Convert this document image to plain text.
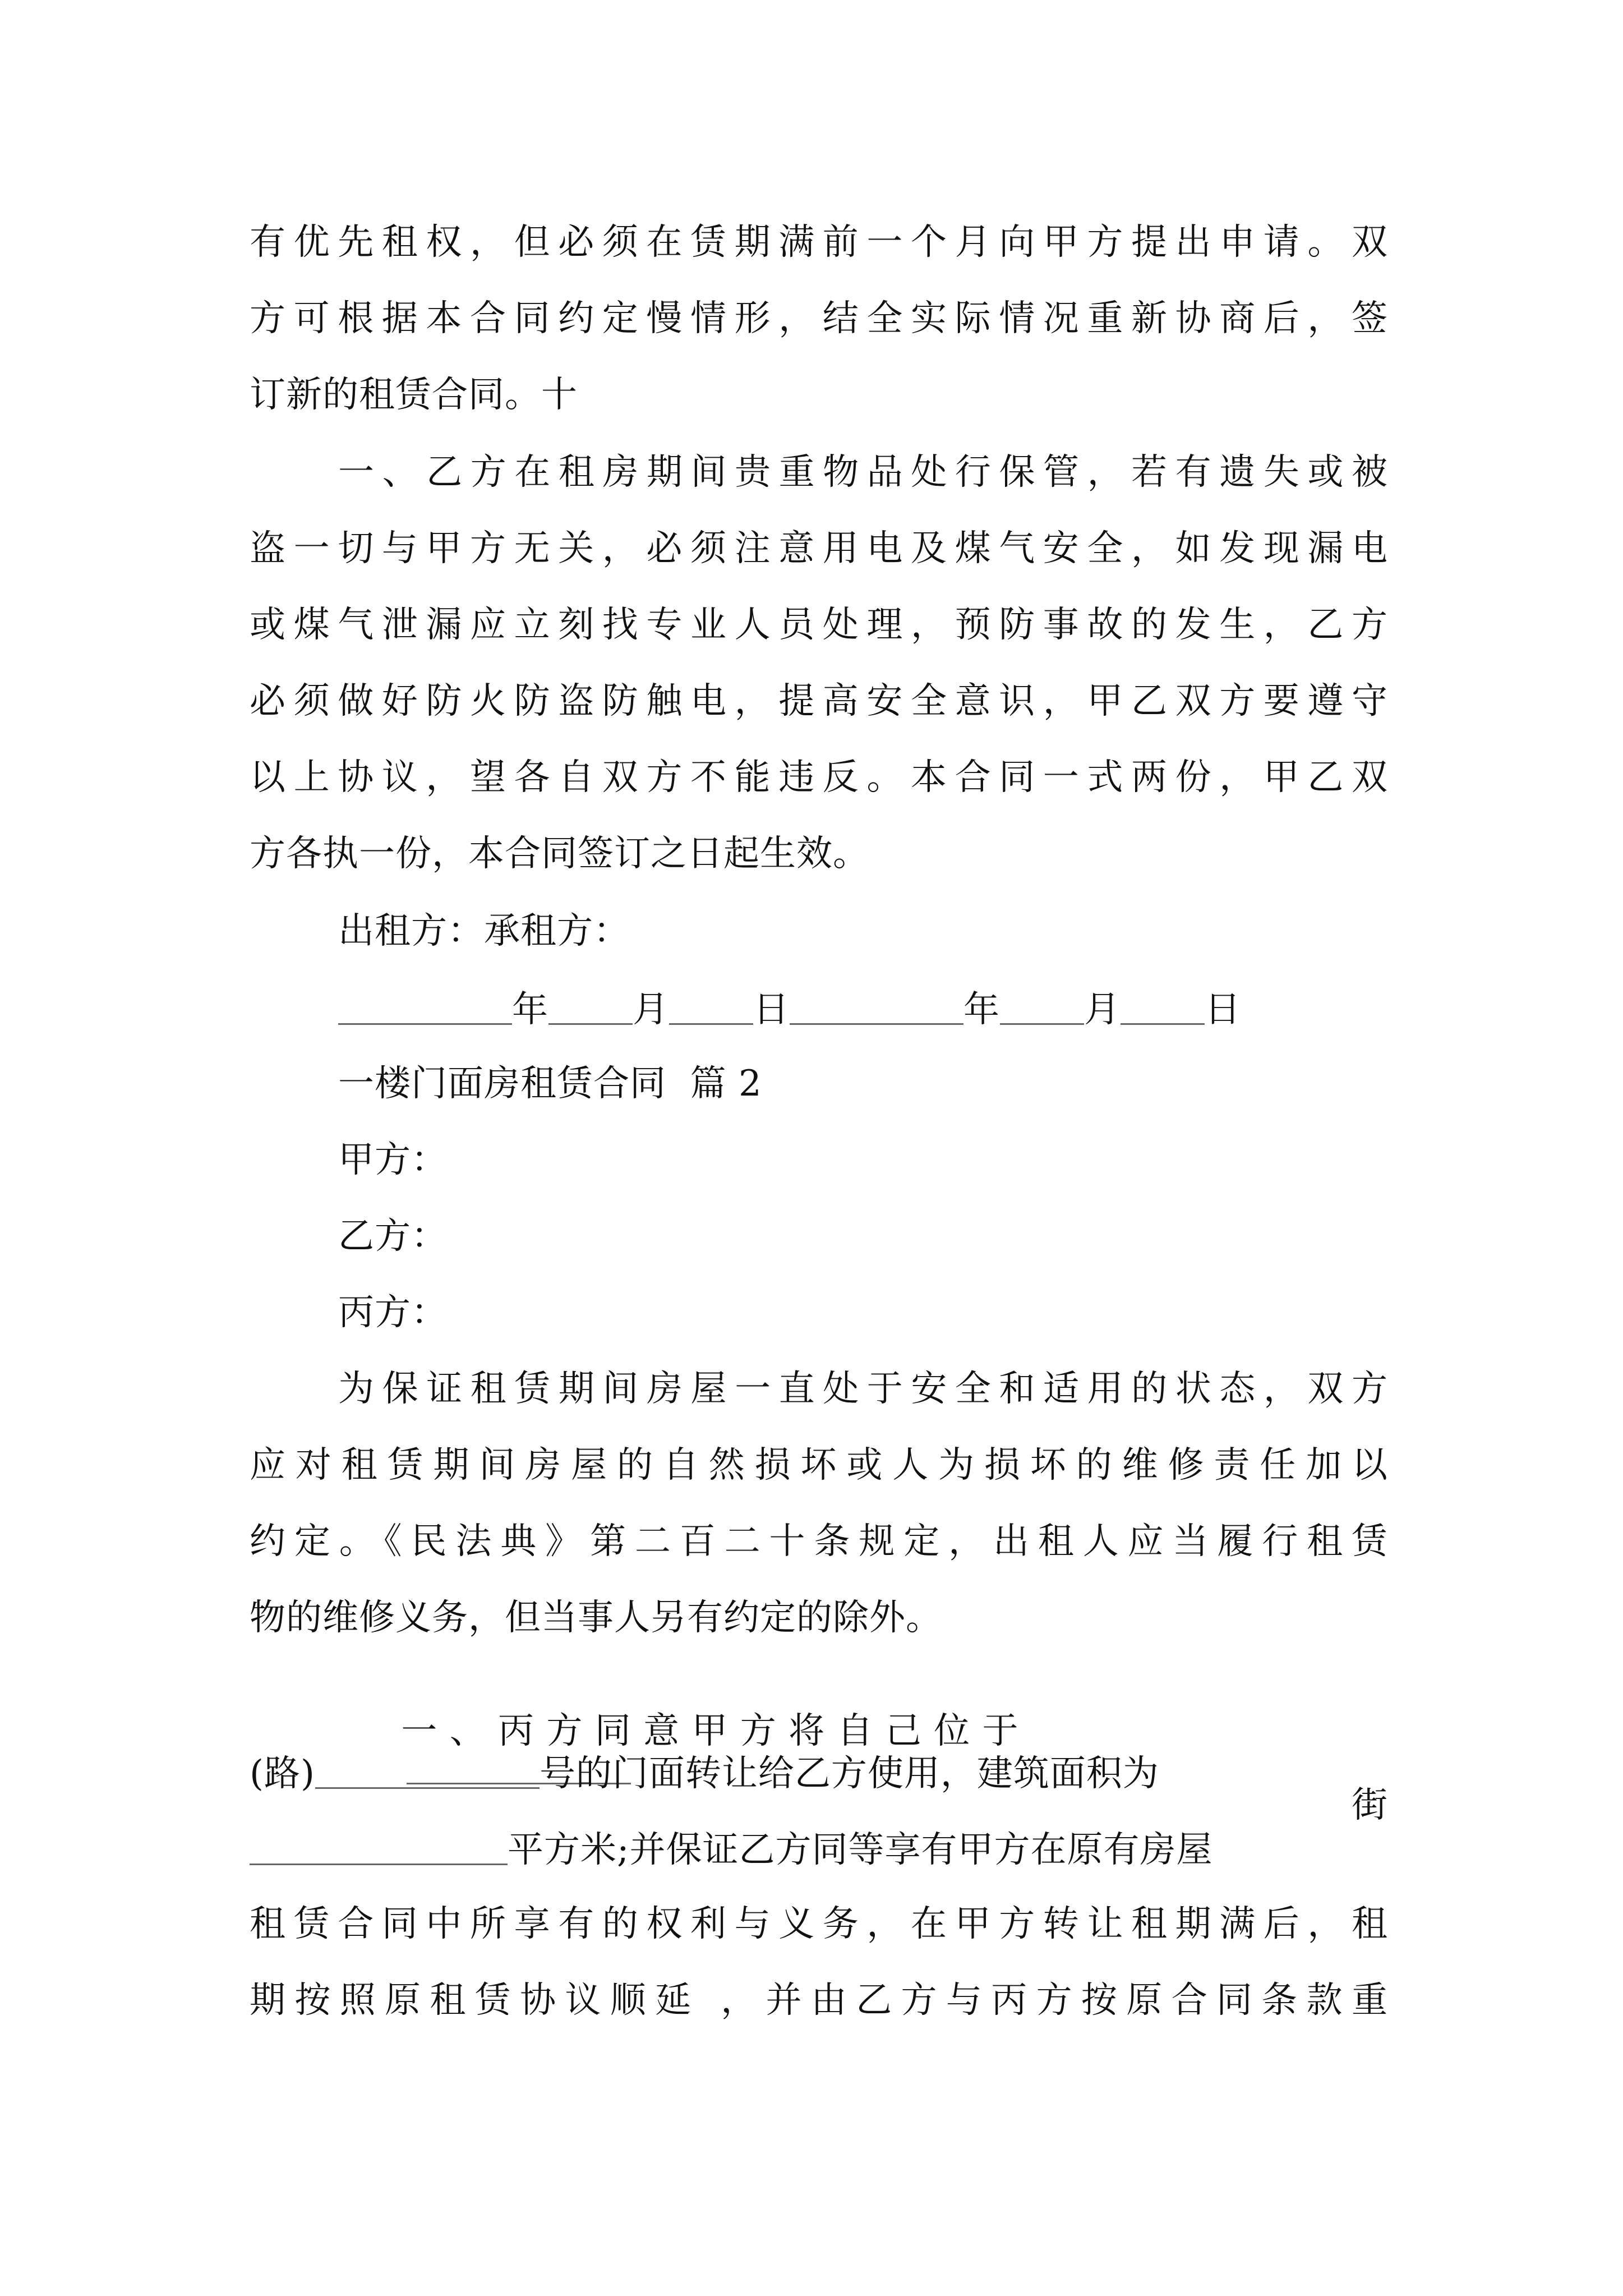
有优先租权，但必须在赁期满前一个月向甲方提出申请。双
方可根据本合同约定慢情形，结全实际情况重新协商后，签
订新的租赁合同。十
一、乙方在租房期间贵重物品处行保管，若有遗失或被
盗一切与甲方无关，必须注意用电及煤气安全，如发现漏电
或煤气泄漏应立刻找专业人员处理，预防事故的发生，乙方
必须做好防火防盗防触电，提高安全意识，甲乙双方要遵守
以上协议，望各自双方不能违反。本合同一式两份，甲乙双
方各执一份，本合同签订之日起生效。
出租方：承租方：
年 月 日	年 月 日
一楼门面房租赁合同  篇 2
甲方：
乙方：
丙方：
为保证租赁期间房屋一直处于安全和适用的状态，双方
应对租赁期间房屋的自然损坏或人为损坏的维修责任加以
约定。《民法典》第二百二十条规定，出租人应当履行租赁
物的维修义务，但当事人另有约定的除外。

一 、 丙 方 同 意 甲 方 将 自 己 位 于

街

(路)	号的门面转让给乙方使用，建筑面积为
平方米;并保证乙方同等享有甲方在原有房屋
租赁合同中所享有的权利与义务，在甲方转让租期满后，租
期按照原租赁协议顺延 ，并由乙方与丙方按原合同条款重
